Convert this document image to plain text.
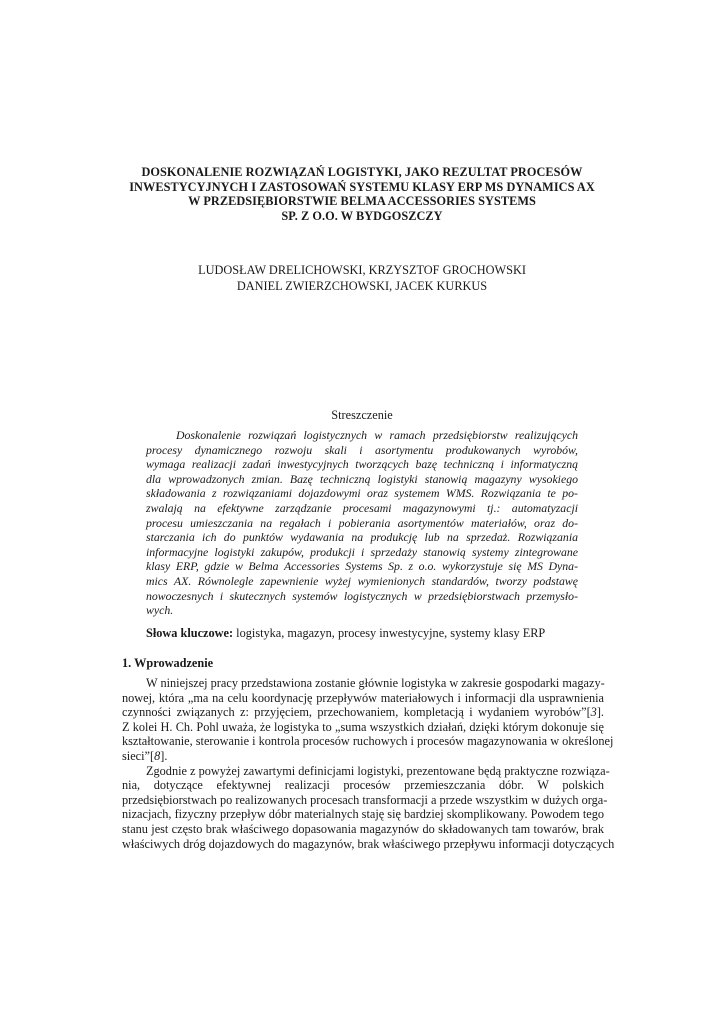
DOSKONALENIE ROZWIĄZAŃ LOGISTYKI, JAKO REZULTAT PROCESÓW
INWESTYCYJNYCH I ZASTOSOWAŃ SYSTEMU KLASY ERP MS DYNAMICS AX
W PRZEDSIĘBIORSTWIE BELMA ACCESSORIES SYSTEMS
SP. Z O.O. W BYDGOSZCZY
LUDOSŁAW DRELICHOWSKI, KRZYSZTOF GROCHOWSKI
DANIEL ZWIERZCHOWSKI, JACEK KURKUS
Streszczenie
Doskonalenie rozwiązań logistycznych w ramach przedsiębiorstw realizujących
procesy dynamicznego rozwoju skali i asortymentu produkowanych wyrobów,
wymaga realizacji zadań inwestycyjnych tworzących bazę techniczną i informatyczną
dla wprowadzonych zmian. Bazę techniczną logistyki stanowią magazyny wysokiego
składowania z rozwiązaniami dojazdowymi oraz systemem WMS. Rozwiązania te po-
zwalają na efektywne zarządzanie procesami magazynowymi tj.: automatyzacji
procesu umieszczania na regałach i pobierania asortymentów materiałów, oraz do-
starczania ich do punktów wydawania na produkcję lub na sprzedaż. Rozwiązania
informacyjne logistyki zakupów, produkcji i sprzedaży stanowią systemy zintegrowane
klasy ERP, gdzie w Belma Accessories Systems Sp. z o.o. wykorzystuje się MS Dyna-
mics AX. Równolegle zapewnienie wyżej wymienionych standardów, tworzy podstawę
nowoczesnych i skutecznych systemów logistycznych w przedsiębiorstwach przemysło-
wych.
Słowa kluczowe: logistyka, magazyn, procesy inwestycyjne, systemy klasy ERP
1. Wprowadzenie
W niniejszej pracy przedstawiona zostanie głównie logistyka w zakresie gospodarki magazy-
nowej, która „ma na celu koordynację przepływów materiałowych i informacji dla usprawnienia
czynności związanych z: przyjęciem, przechowaniem, kompletacją i wydaniem wyrobów”[3].
Z kolei H. Ch. Pohl uważa, że logistyka to „suma wszystkich działań, dzięki którym dokonuje się
kształtowanie, sterowanie i kontrola procesów ruchowych i procesów magazynowania w określonej
sieci”[8].
Zgodnie z powyżej zawartymi definicjami logistyki, prezentowane będą praktyczne rozwiąza-
nia, dotyczące efektywnej realizacji procesów przemieszczania dóbr. W polskich
przedsiębiorstwach po realizowanych procesach transformacji a przede wszystkim w dużych orga-
nizacjach, fizyczny przepływ dóbr materialnych staję się bardziej skomplikowany. Powodem tego
stanu jest często brak właściwego dopasowania magazynów do składowanych tam towarów, brak
właściwych dróg dojazdowych do magazynów, brak właściwego przepływu informacji dotyczących
